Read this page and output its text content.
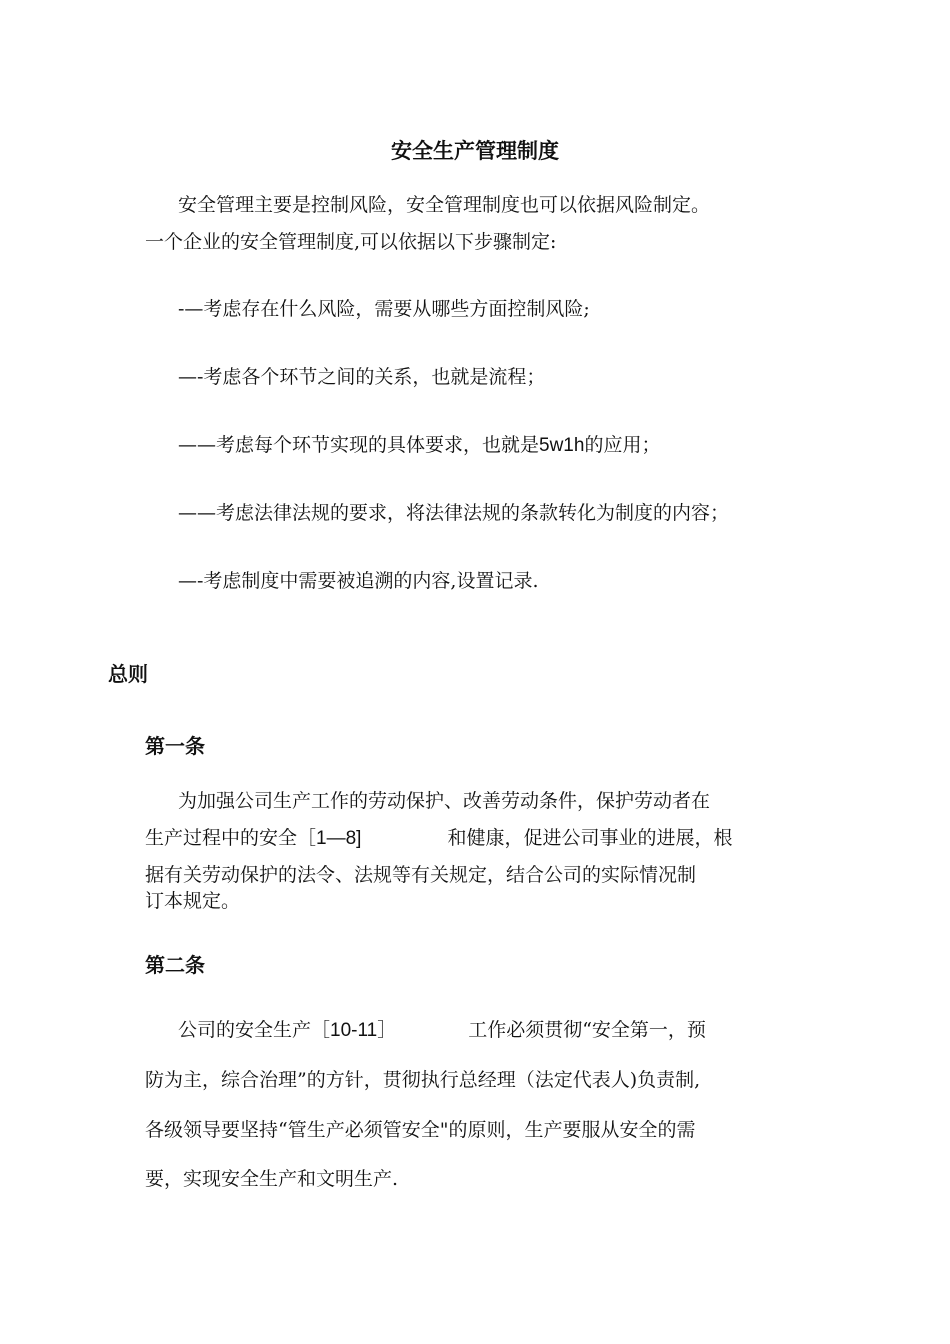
安全生产管理制度

安全管理主要是控制风险，安全管理制度也可以依据风险制定。

一个企业的安全管理制度,可以依据以下步骤制定:

-—考虑存在什么风险，需要从哪些方面控制风险;

—-考虑各个环节之间的关系，也就是流程；

——考虑每个环节实现的具体要求，也就是5w1h的应用；

——考虑法律法规的要求，将法律法规的条款转化为制度的内容；

—-考虑制度中需要被追溯的内容,设置记录.

总则
第一条

为加强公司生产工作的劳动保护、改善劳动条件，保护劳动者在

生产过程中的安全［1—8]	和健康，促进公司事业的进展，根

据有关劳动保护的法令、法规等有关规定，结合公司的实际情况制

订本规定。

第二条

公司的安全生产［10-11］	工作必须贯彻“安全第一，预

防为主，综合治理”的方针，贯彻执行总经理（法定代表人)负责制,

各级领导要坚持“管生产必须管安全"的原则，生产要服从安全的需

要，实现安全生产和文明生产.
